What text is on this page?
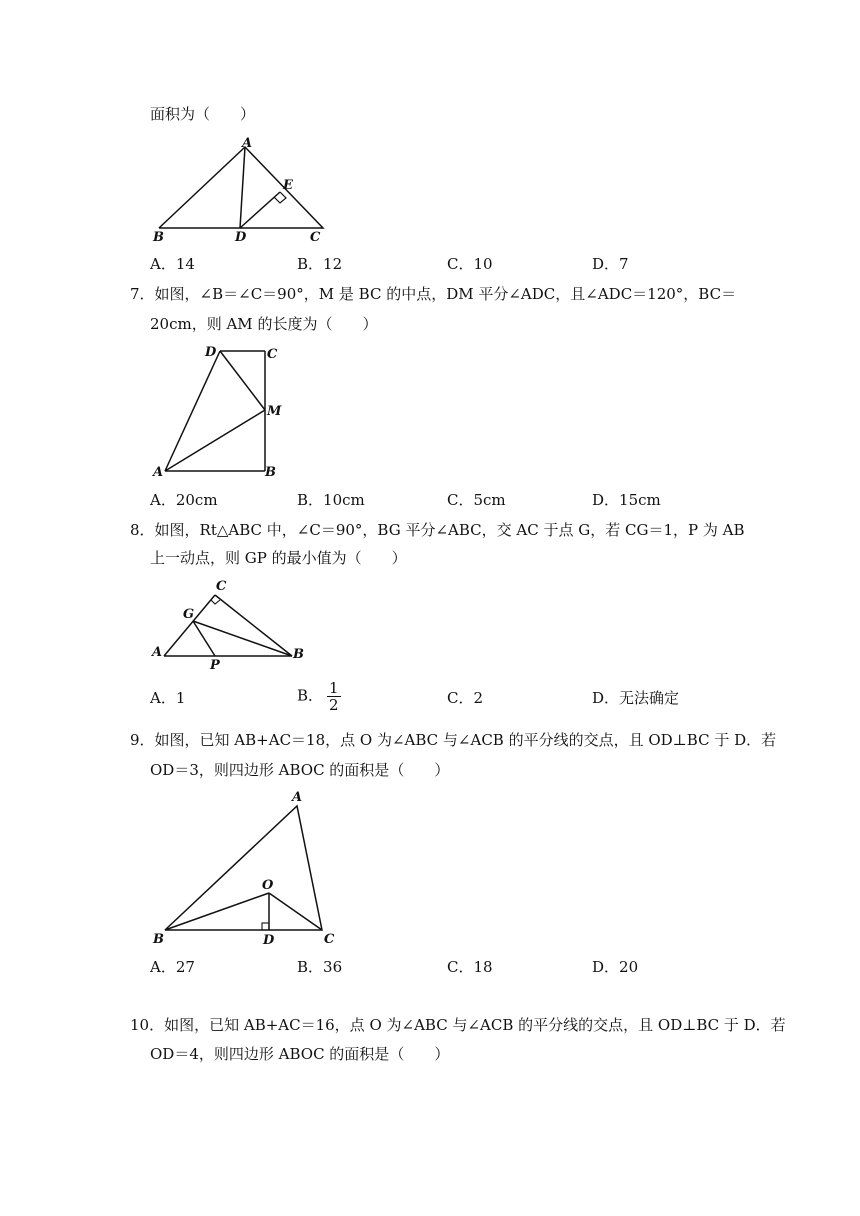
面积为（　　）
A
B	D	C
E
A．14	B．12	C．10	D．7
7．如图，∠B＝∠C＝90°，M 是 BC 的中点，DM 平分∠ADC，且∠ADC＝120°，BC＝
20cm，则 AM 的长度为（　　）
D	C
M
A	B
A．20cm	B．10cm	C．5cm	D．15cm
8．如图，Rt△ABC 中，∠C＝90°，BG 平分∠ABC，交 AC 于点 G，若 CG＝1，P 为 AB
上一动点，则 GP 的最小值为（　　）
C
G
A
P
B
A．1	B． $\frac{1}{2}$	C．2	D．无法确定
9．如图，已知 AB+AC＝18，点 O 为∠ABC 与∠ACB 的平分线的交点，且 OD⊥BC 于 D．若
OD＝3，则四边形 ABOC 的面积是（　　）
A
O
B	D	C
A．27	B．36	C．18	D．20
10．如图，已知 AB+AC＝16，点 O 为∠ABC 与∠ACB 的平分线的交点，且 OD⊥BC 于 D．若
OD＝4，则四边形 ABOC 的面积是（　　）
